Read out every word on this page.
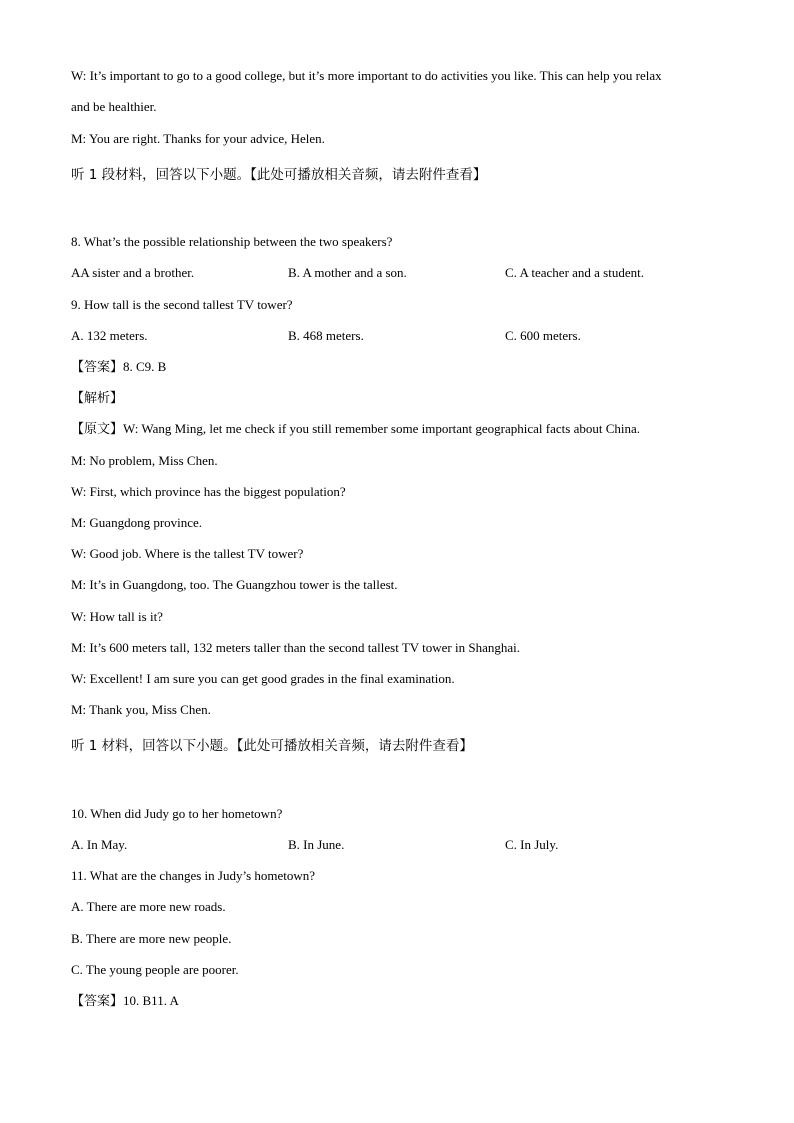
W: It’s important to go to a good college, but it’s more important to do activities you like. This can help you relax
and be healthier.
M: You are right. Thanks for your advice, Helen.
听 1 段材料，回答以下小题。【此处可播放相关音频，请去附件查看】
8. What’s the possible relationship between the two speakers?
AA sister and a brother.	B. A mother and a son.	C. A teacher and a student.
9. How tall is the second tallest TV tower?
A. 132 meters.	B. 468 meters.	C. 600 meters.
【答案】8. C9. B
【解析】
【原文】W: Wang Ming, let me check if you still remember some important geographical facts about China.
M: No problem, Miss Chen.
W: First, which province has the biggest population?
M: Guangdong province.
W: Good job. Where is the tallest TV tower?
M: It’s in Guangdong, too. The Guangzhou tower is the tallest.
W: How tall is it?
M: It’s 600 meters tall, 132 meters taller than the second tallest TV tower in Shanghai.
W: Excellent! I am sure you can get good grades in the final examination.
M: Thank you, Miss Chen.
听 1 材料，回答以下小题。【此处可播放相关音频，请去附件查看】
10. When did Judy go to her hometown?
A. In May.	B. In June.	C. In July.
11. What are the changes in Judy’s hometown?
A. There are more new roads.
B. There are more new people.
C. The young people are poorer.
【答案】10. B11. A
